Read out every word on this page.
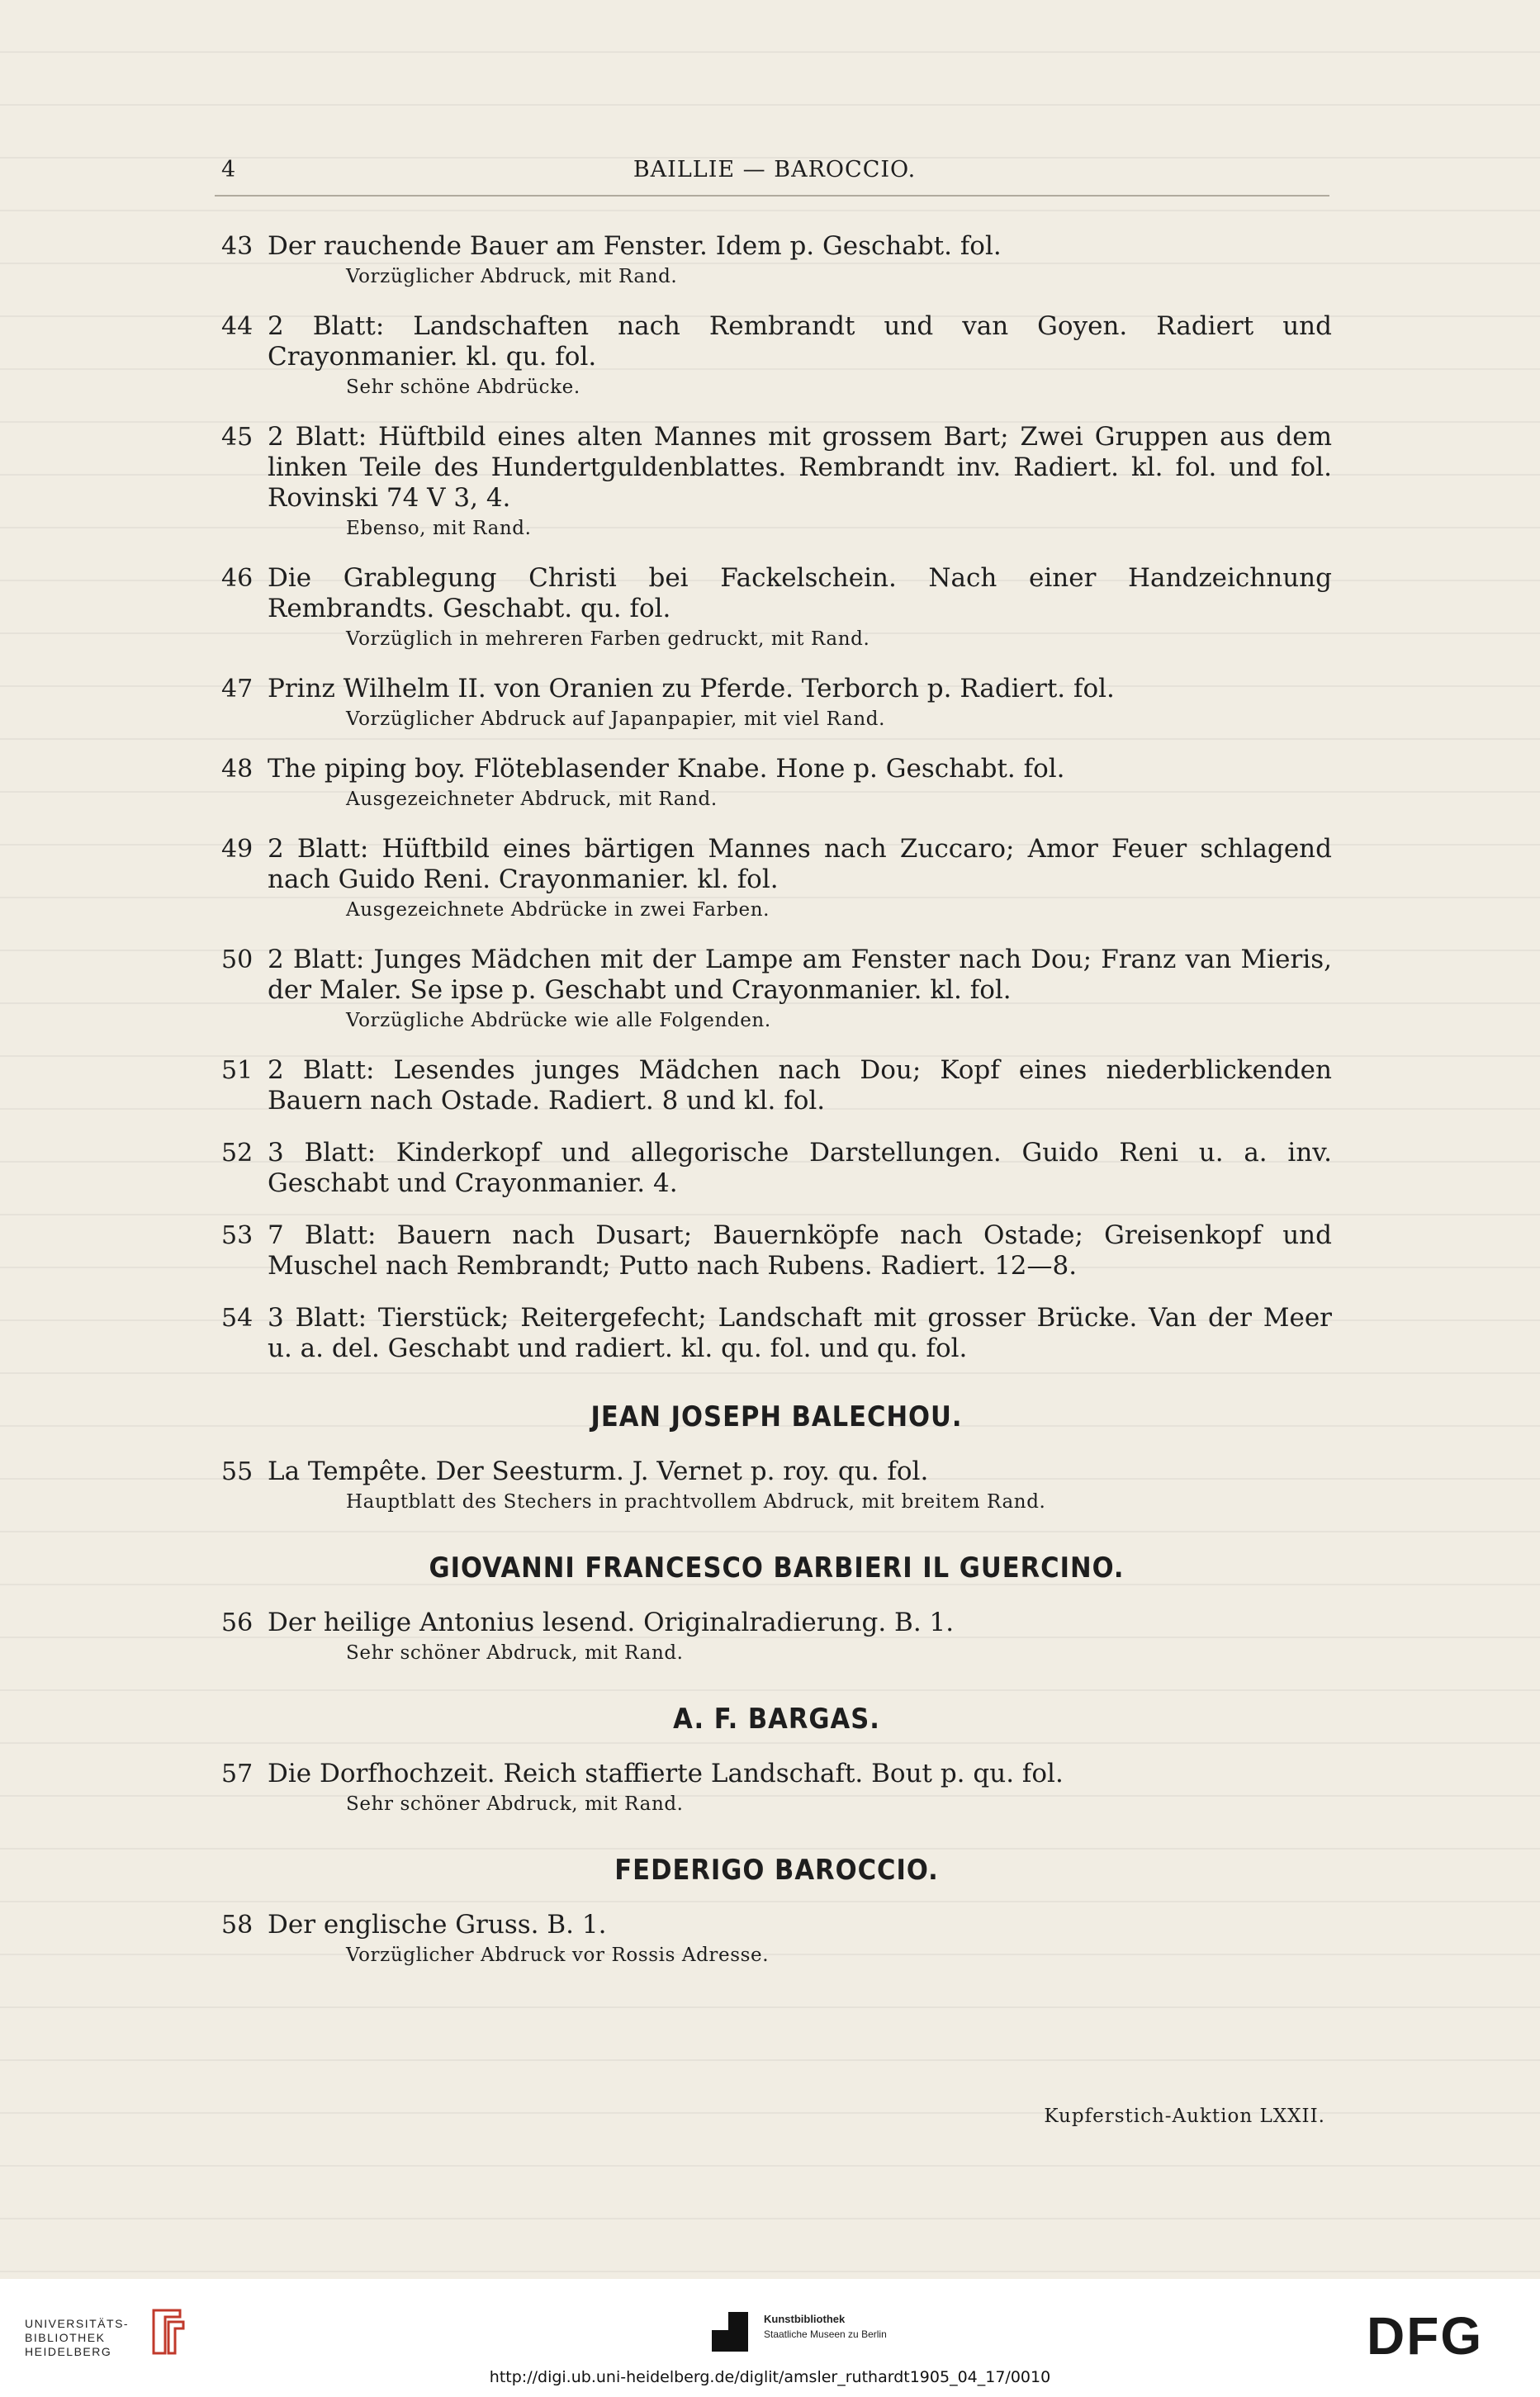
4	BAILLIE — BAROCCIO.
43 Der rauchende Bauer am Fenster. Idem p. Geschabt. fol.
Vorzüglicher Abdruck, mit Rand.
44 2 Blatt: Landschaften nach Rembrandt und van Goyen. Radiert und Crayonmanier. kl. qu. fol.
Sehr schöne Abdrücke.
45 2 Blatt: Hüftbild eines alten Mannes mit grossem Bart; Zwei Gruppen aus dem linken Teile des Hundertguldenblattes. Rembrandt inv. Radiert. kl. fol. und fol. Rovinski 74 V 3, 4.
Ebenso, mit Rand.
46 Die Grablegung Christi bei Fackelschein. Nach einer Handzeichnung Rembrandts. Geschabt. qu. fol.
Vorzüglich in mehreren Farben gedruckt, mit Rand.
47 Prinz Wilhelm II. von Oranien zu Pferde. Terborch p. Radiert. fol.
Vorzüglicher Abdruck auf Japanpapier, mit viel Rand.
48 The piping boy. Flöteblasender Knabe. Hone p. Geschabt. fol.
Ausgezeichneter Abdruck, mit Rand.
49 2 Blatt: Hüftbild eines bärtigen Mannes nach Zuccaro; Amor Feuer schlagend nach Guido Reni. Crayonmanier. kl. fol.
Ausgezeichnete Abdrücke in zwei Farben.
50 2 Blatt: Junges Mädchen mit der Lampe am Fenster nach Dou; Franz van Mieris, der Maler. Se ipse p. Geschabt und Crayonmanier. kl. fol.
Vorzügliche Abdrücke wie alle Folgenden.
51 2 Blatt: Lesendes junges Mädchen nach Dou; Kopf eines niederblickenden Bauern nach Ostade. Radiert. 8 und kl. fol.
52 3 Blatt: Kinderkopf und allegorische Darstellungen. Guido Reni u. a. inv. Geschabt und Crayonmanier. 4.
53 7 Blatt: Bauern nach Dusart; Bauernköpfe nach Ostade; Greisenkopf und Muschel nach Rembrandt; Putto nach Rubens. Radiert. 12—8.
54 3 Blatt: Tierstück; Reitergefecht; Landschaft mit grosser Brücke. Van der Meer u. a. del. Geschabt und radiert. kl. qu. fol. und qu. fol.
JEAN JOSEPH BALECHOU.
55 La Tempête. Der Seesturm. J. Vernet p. roy. qu. fol.
Hauptblatt des Stechers in prachtvollem Abdruck, mit breitem Rand.
GIOVANNI FRANCESCO BARBIERI IL GUERCINO.
56 Der heilige Antonius lesend. Originalradierung. B. 1.
Sehr schöner Abdruck, mit Rand.
A. F. BARGAS.
57 Die Dorfhochzeit. Reich staffierte Landschaft. Bout p. qu. fol.
Sehr schöner Abdruck, mit Rand.
FEDERIGO BAROCCIO.
58 Der englische Gruss. B. 1.
Vorzüglicher Abdruck vor Rossis Adresse.
Kupferstich-Auktion LXXII.
UNIVERSITÄTS-
BIBLIOTHEK
HEIDELBERG
Kunstbibliothek
Staatliche Museen zu Berlin	DFG
http://digi.ub.uni-heidelberg.de/diglit/amsler_ruthardt1905_04_17/0010
